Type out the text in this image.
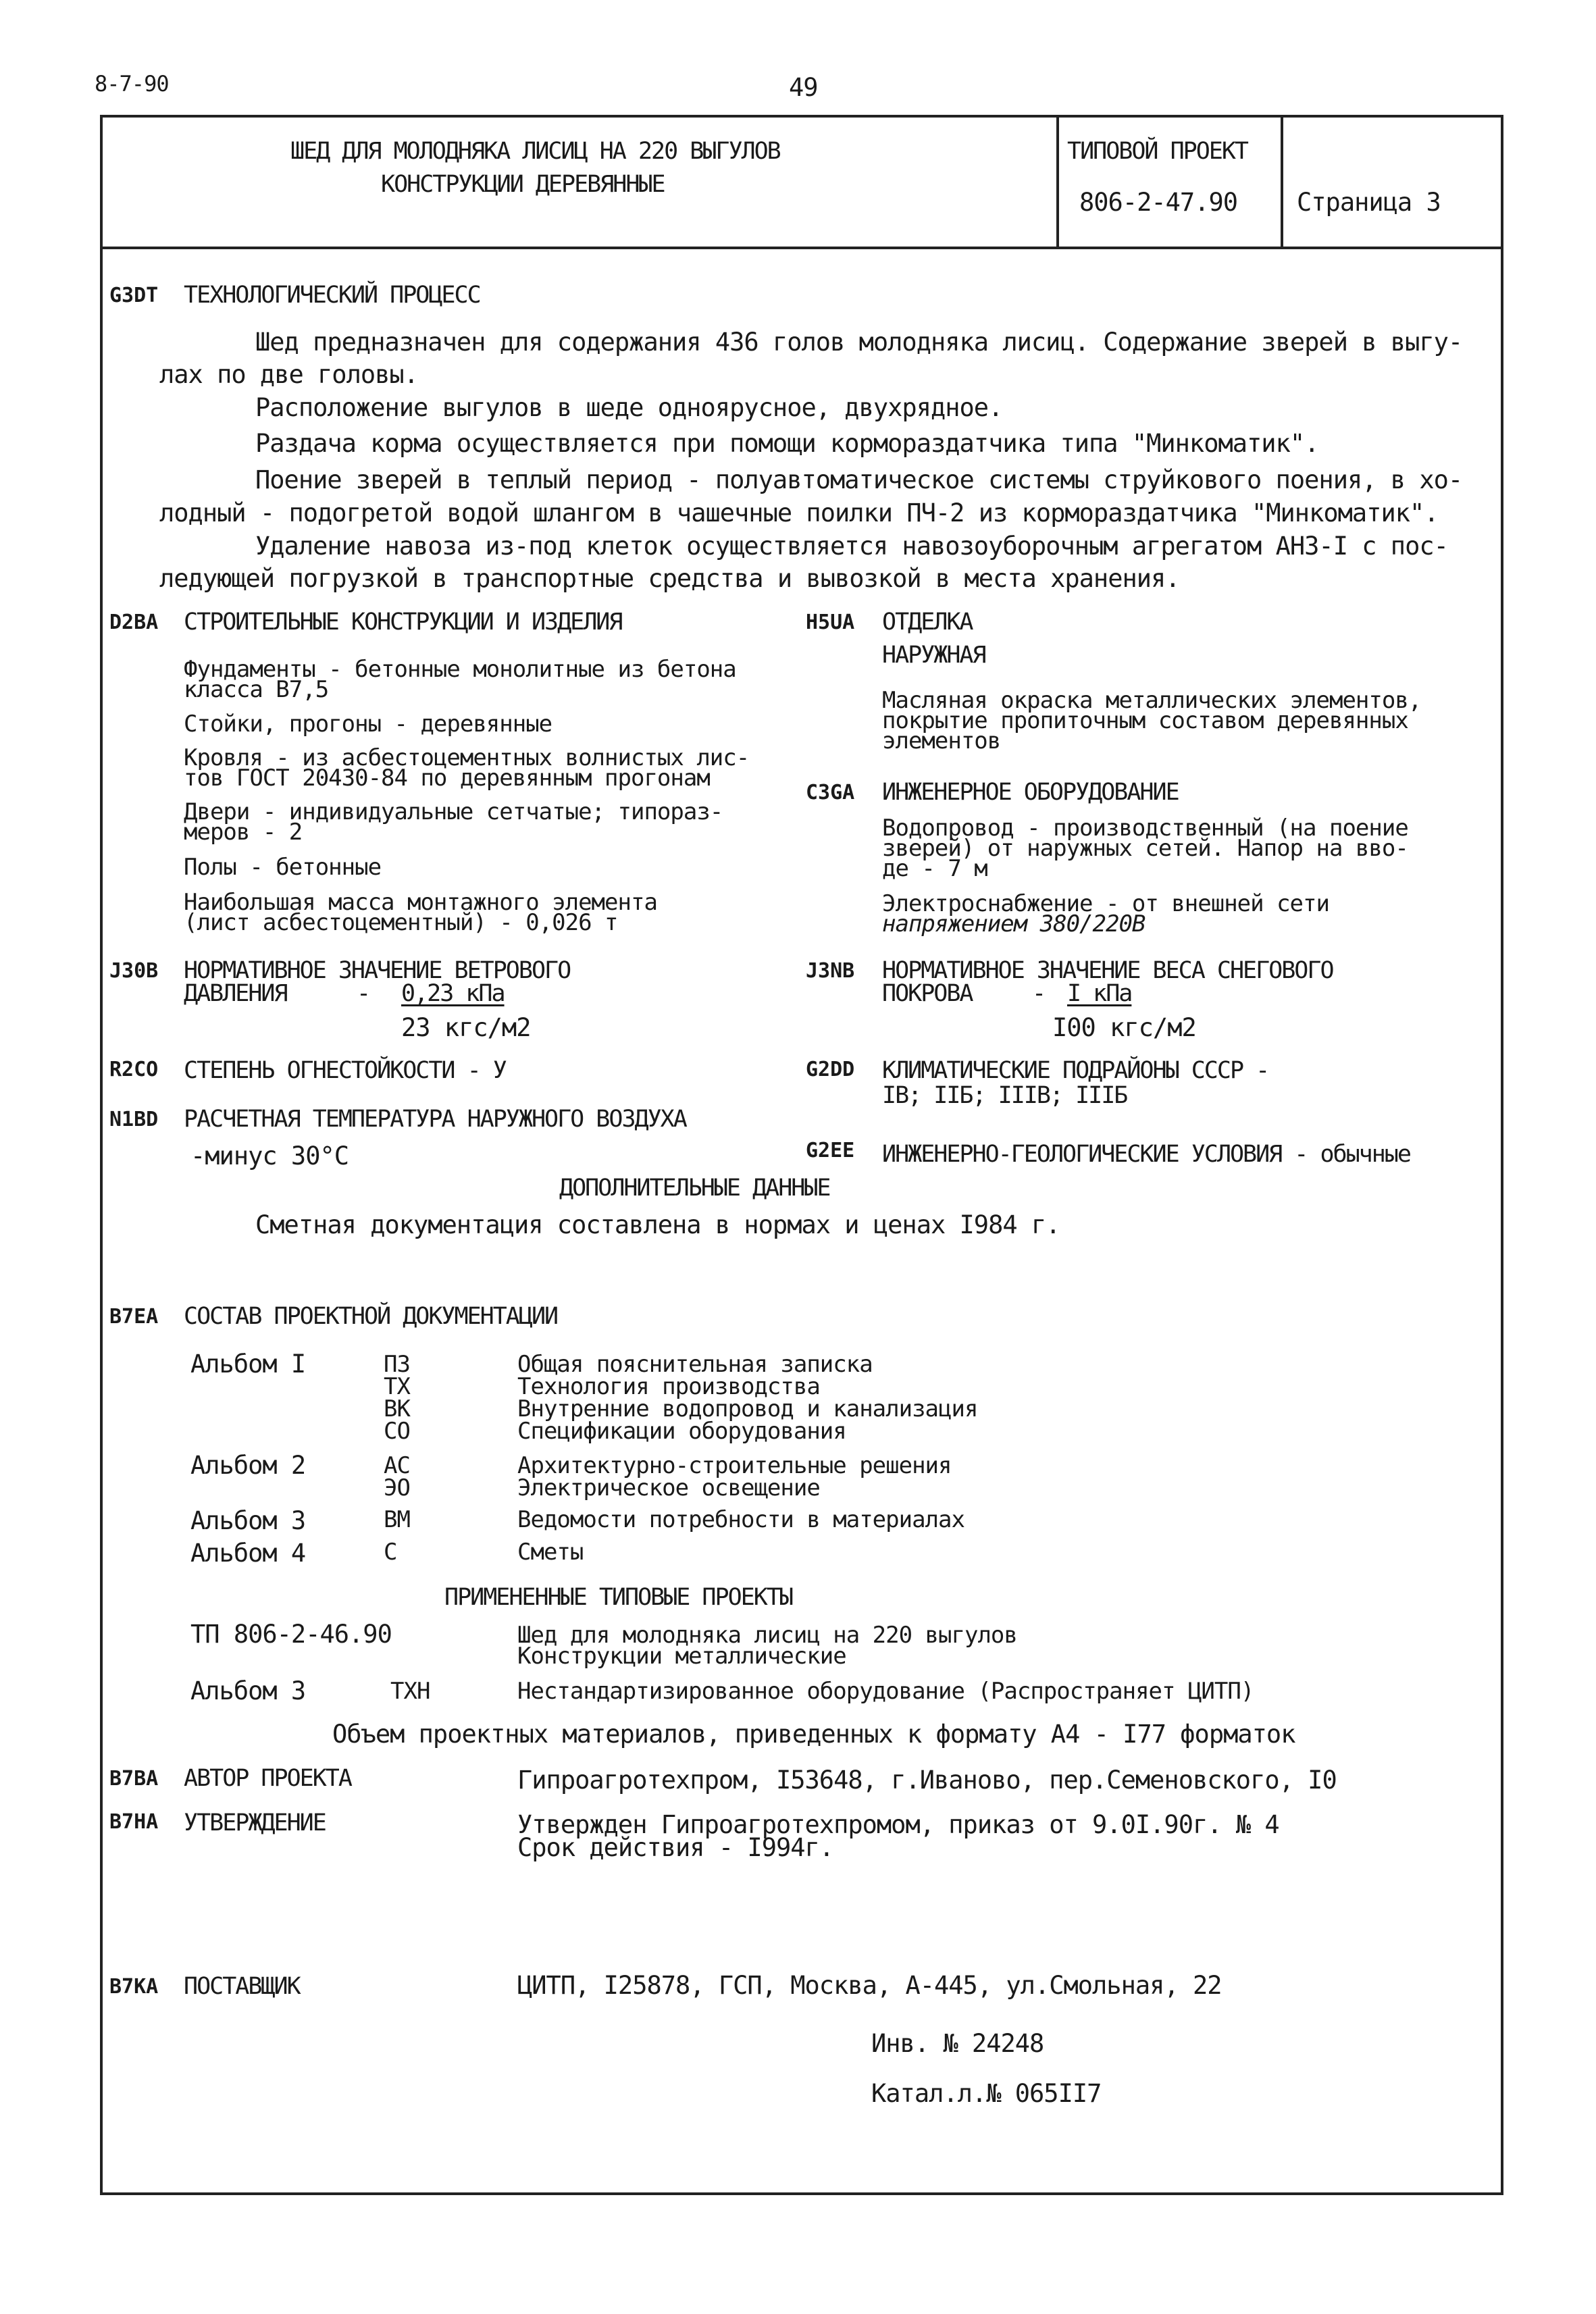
8-7-90	49
ШЕД ДЛЯ МОЛОДНЯКА ЛИСИЦ НА 220 ВЫГУЛОВ
КОНСТРУКЦИИ ДЕРЕВЯННЫЕ
ТИПОВОЙ ПРОЕКТ
806-2-47.90 Страница 3
G3DT ТЕХНОЛОГИЧЕСКИЙ ПРОЦЕСС
Шед предназначен для содержания 436 голов молодняка лисиц. Содержание зверей в выгу-
лах по две головы.
Расположение выгулов в шеде одноярусное, двухрядное.
Раздача корма осуществляется при помощи кормораздатчика типа "Минкоматик".
Поение зверей в теплый период - полуавтоматическое системы струйкового поения, в хо-
лодный - подогретой водой шлангом в чашечные поилки ПЧ-2 из кормораздатчика "Минкоматик".
Удаление навоза из-под клеток осуществляется навозоуборочным агрегатом АНЗ-I с пос-
ледующей погрузкой в транспортные средства и вывозкой в места хранения.
D2BA СТРОИТЕЛЬНЫЕ КОНСТРУКЦИИ И ИЗДЕЛИЯ
Фундаменты - бетонные монолитные из бетона
класса В7,5
Стойки, прогоны - деревянные
Кровля - из асбестоцементных волнистых лис-
тов ГОСТ 20430-84 по деревянным прогонам
Двери - индивидуальные сетчатые; типораз-
меров - 2
Полы - бетонные
Наибольшая масса монтажного элемента
(лист асбестоцементный) - 0,026 т
H5UA ОТДЕЛКА
НАРУЖНАЯ
Масляная окраска металлических элементов,
покрытие пропиточным составом деревянных
элементов
C3GA ИНЖЕНЕРНОЕ ОБОРУДОВАНИЕ
Водопровод - производственный (на поение
зверей) от наружных сетей. Напор на вво-
де - 7 м
Электроснабжение - от внешней сети
напряжением 380/220В
J30B НОРМАТИВНОЕ ЗНАЧЕНИЕ ВЕТРОВОГО
ДАВЛЕНИЯ	- 0,23 кПа
23 кгс/м2
J3NB НОРМАТИВНОЕ ЗНАЧЕНИЕ ВЕСА СНЕГОВОГО
ПОКРОВА	- I кПа
I00 кгс/м2
R2CO СТЕПЕНЬ ОГНЕСТОЙКОСТИ - У	G2DD КЛИМАТИЧЕСКИЕ ПОДРАЙОНЫ СССР -
IВ; IIБ; IIIВ; IIIБ
N1BD РАСЧЕТНАЯ ТЕМПЕРАТУРА НАРУЖНОГО ВОЗДУХА
-минус 30°С	G2EE ИНЖЕНЕРНО-ГЕОЛОГИЧЕСКИЕ УСЛОВИЯ - обычные
ДОПОЛНИТЕЛЬНЫЕ ДАННЫЕ
Сметная документация составлена в нормах и ценах I984 г.
B7EA СОСТАВ ПРОЕКТНОЙ ДОКУМЕНТАЦИИ
Альбом I	ПЗ	Общая пояснительная записка
ТХ	Технология производства
ВК	Внутренние водопровод и канализация
СО	Спецификации оборудования
Альбом 2	АС	Архитектурно-строительные решения
ЭО	Электрическое освещение
Альбом 3	ВМ	Ведомости потребности в материалах
Альбом 4	С	Сметы
ПРИМЕНЕННЫЕ ТИПОВЫЕ ПРОЕКТЫ
ТП 806-2-46.90	Шед для молодняка лисиц на 220 выгулов
Конструкции металлические
Альбом 3	ТХН	Нестандартизированное оборудование (Распространяет ЦИТП)
Объем проектных материалов, приведенных к формату А4 - I77 форматок
B7BA АВТОР ПРОЕКТА	Гипроагротехпром, I53648, г.Иваново, пер.Семеновского, I0
B7HA УТВЕРЖДЕНИЕ	Утвержден Гипроагротехпромом, приказ от 9.0I.90г. № 4
Срок действия - I994г.
B7KA ПОСТАВЩИК	ЦИТП, I25878, ГСП, Москва, А-445, ул.Смольная, 22
Инв. № 24248
Катал.л.№ 065II7
